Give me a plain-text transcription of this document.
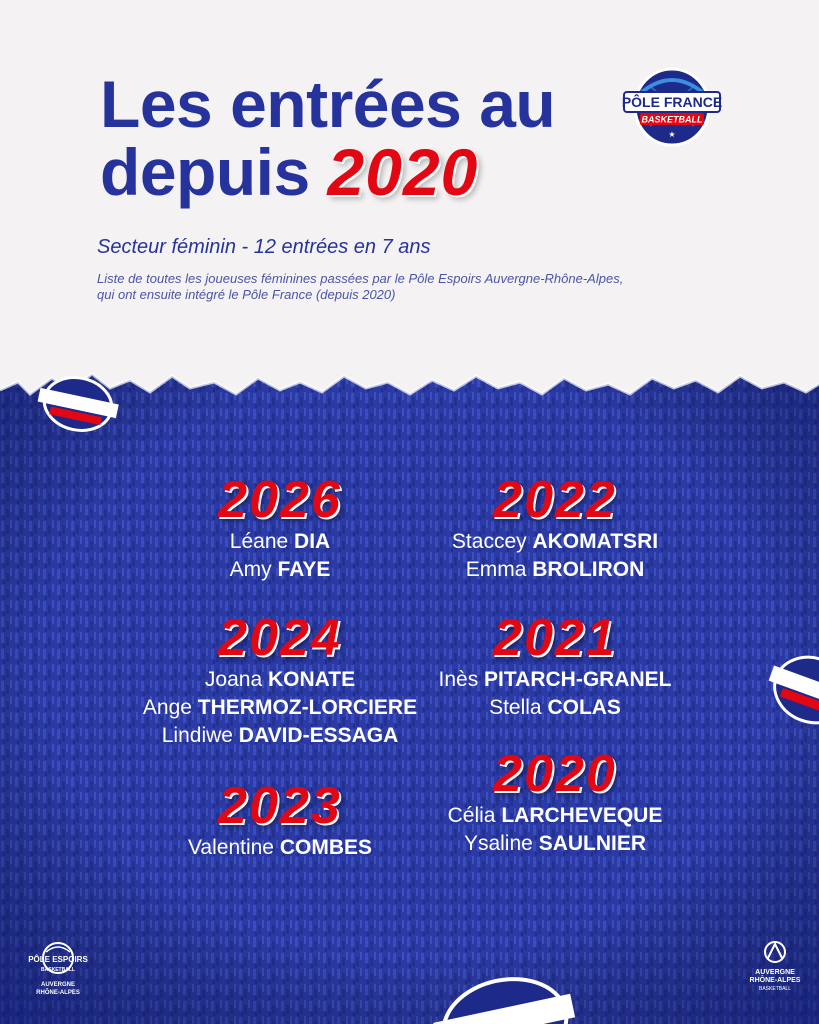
Les entrées au
depuis 2020
PÔLE FRANCE
BASKETBALL
★
Secteur féminin - 12 entrées en 7 ans
Liste de toutes les joueuses féminines passées par le Pôle Espoirs Auvergne-Rhône-Alpes,
qui ont ensuite intégré le Pôle France (depuis 2020)
2026
Léane DIA
Amy FAYE
2024
Joana KONATE
Ange THERMOZ-LORCIERE
Lindiwe DAVID-ESSAGA
2023
Valentine COMBES
2022
Staccey AKOMATSRI
Emma BROLIRON
2021
Inès PITARCH-GRANEL
Stella COLAS
2020
Célia LARCHEVEQUE
Ysaline SAULNIER
PÔLE ESPOIRS
BASKETBALL
AUVERGNE
RHÔNE-ALPES
AUVERGNE
RHÔNE-ALPES
BASKETBALL
